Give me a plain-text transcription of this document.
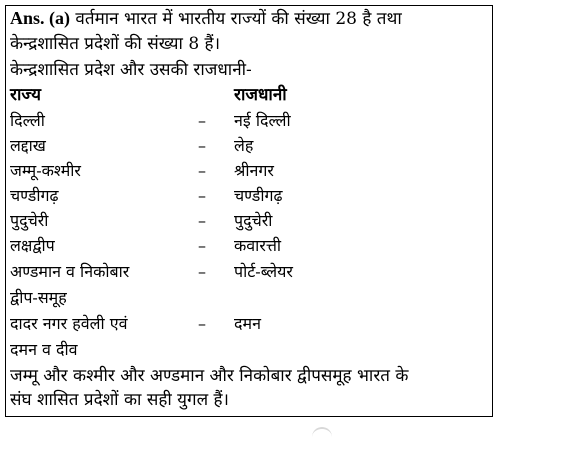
Ans. (a) वर्तमान भारत में भारतीय राज्यों की संख्या 28 है तथा
केन्द्रशासित प्रदेशों की संख्या 8 हैं।
केन्द्रशासित प्रदेश और उसकी राजधानी-
राज्य	राजधानी
दिल्ली	– नई दिल्ली
लद्दाख	– लेह
जम्मू-कश्मीर	– श्रीनगर
चण्डीगढ़	– चण्डीगढ़
पुदुचेरी	– पुदुचेरी
लक्षद्वीप	– कवारत्ती
अण्डमान व निकोबार	– पोर्ट-ब्लेयर
द्वीप-समूह
दादर नगर हवेली एवं	– दमन
दमन व दीव
जम्मू और कश्मीर और अण्डमान और निकोबार द्वीपसमूह भारत के
संघ शासित प्रदेशों का सही युगल हैं।
